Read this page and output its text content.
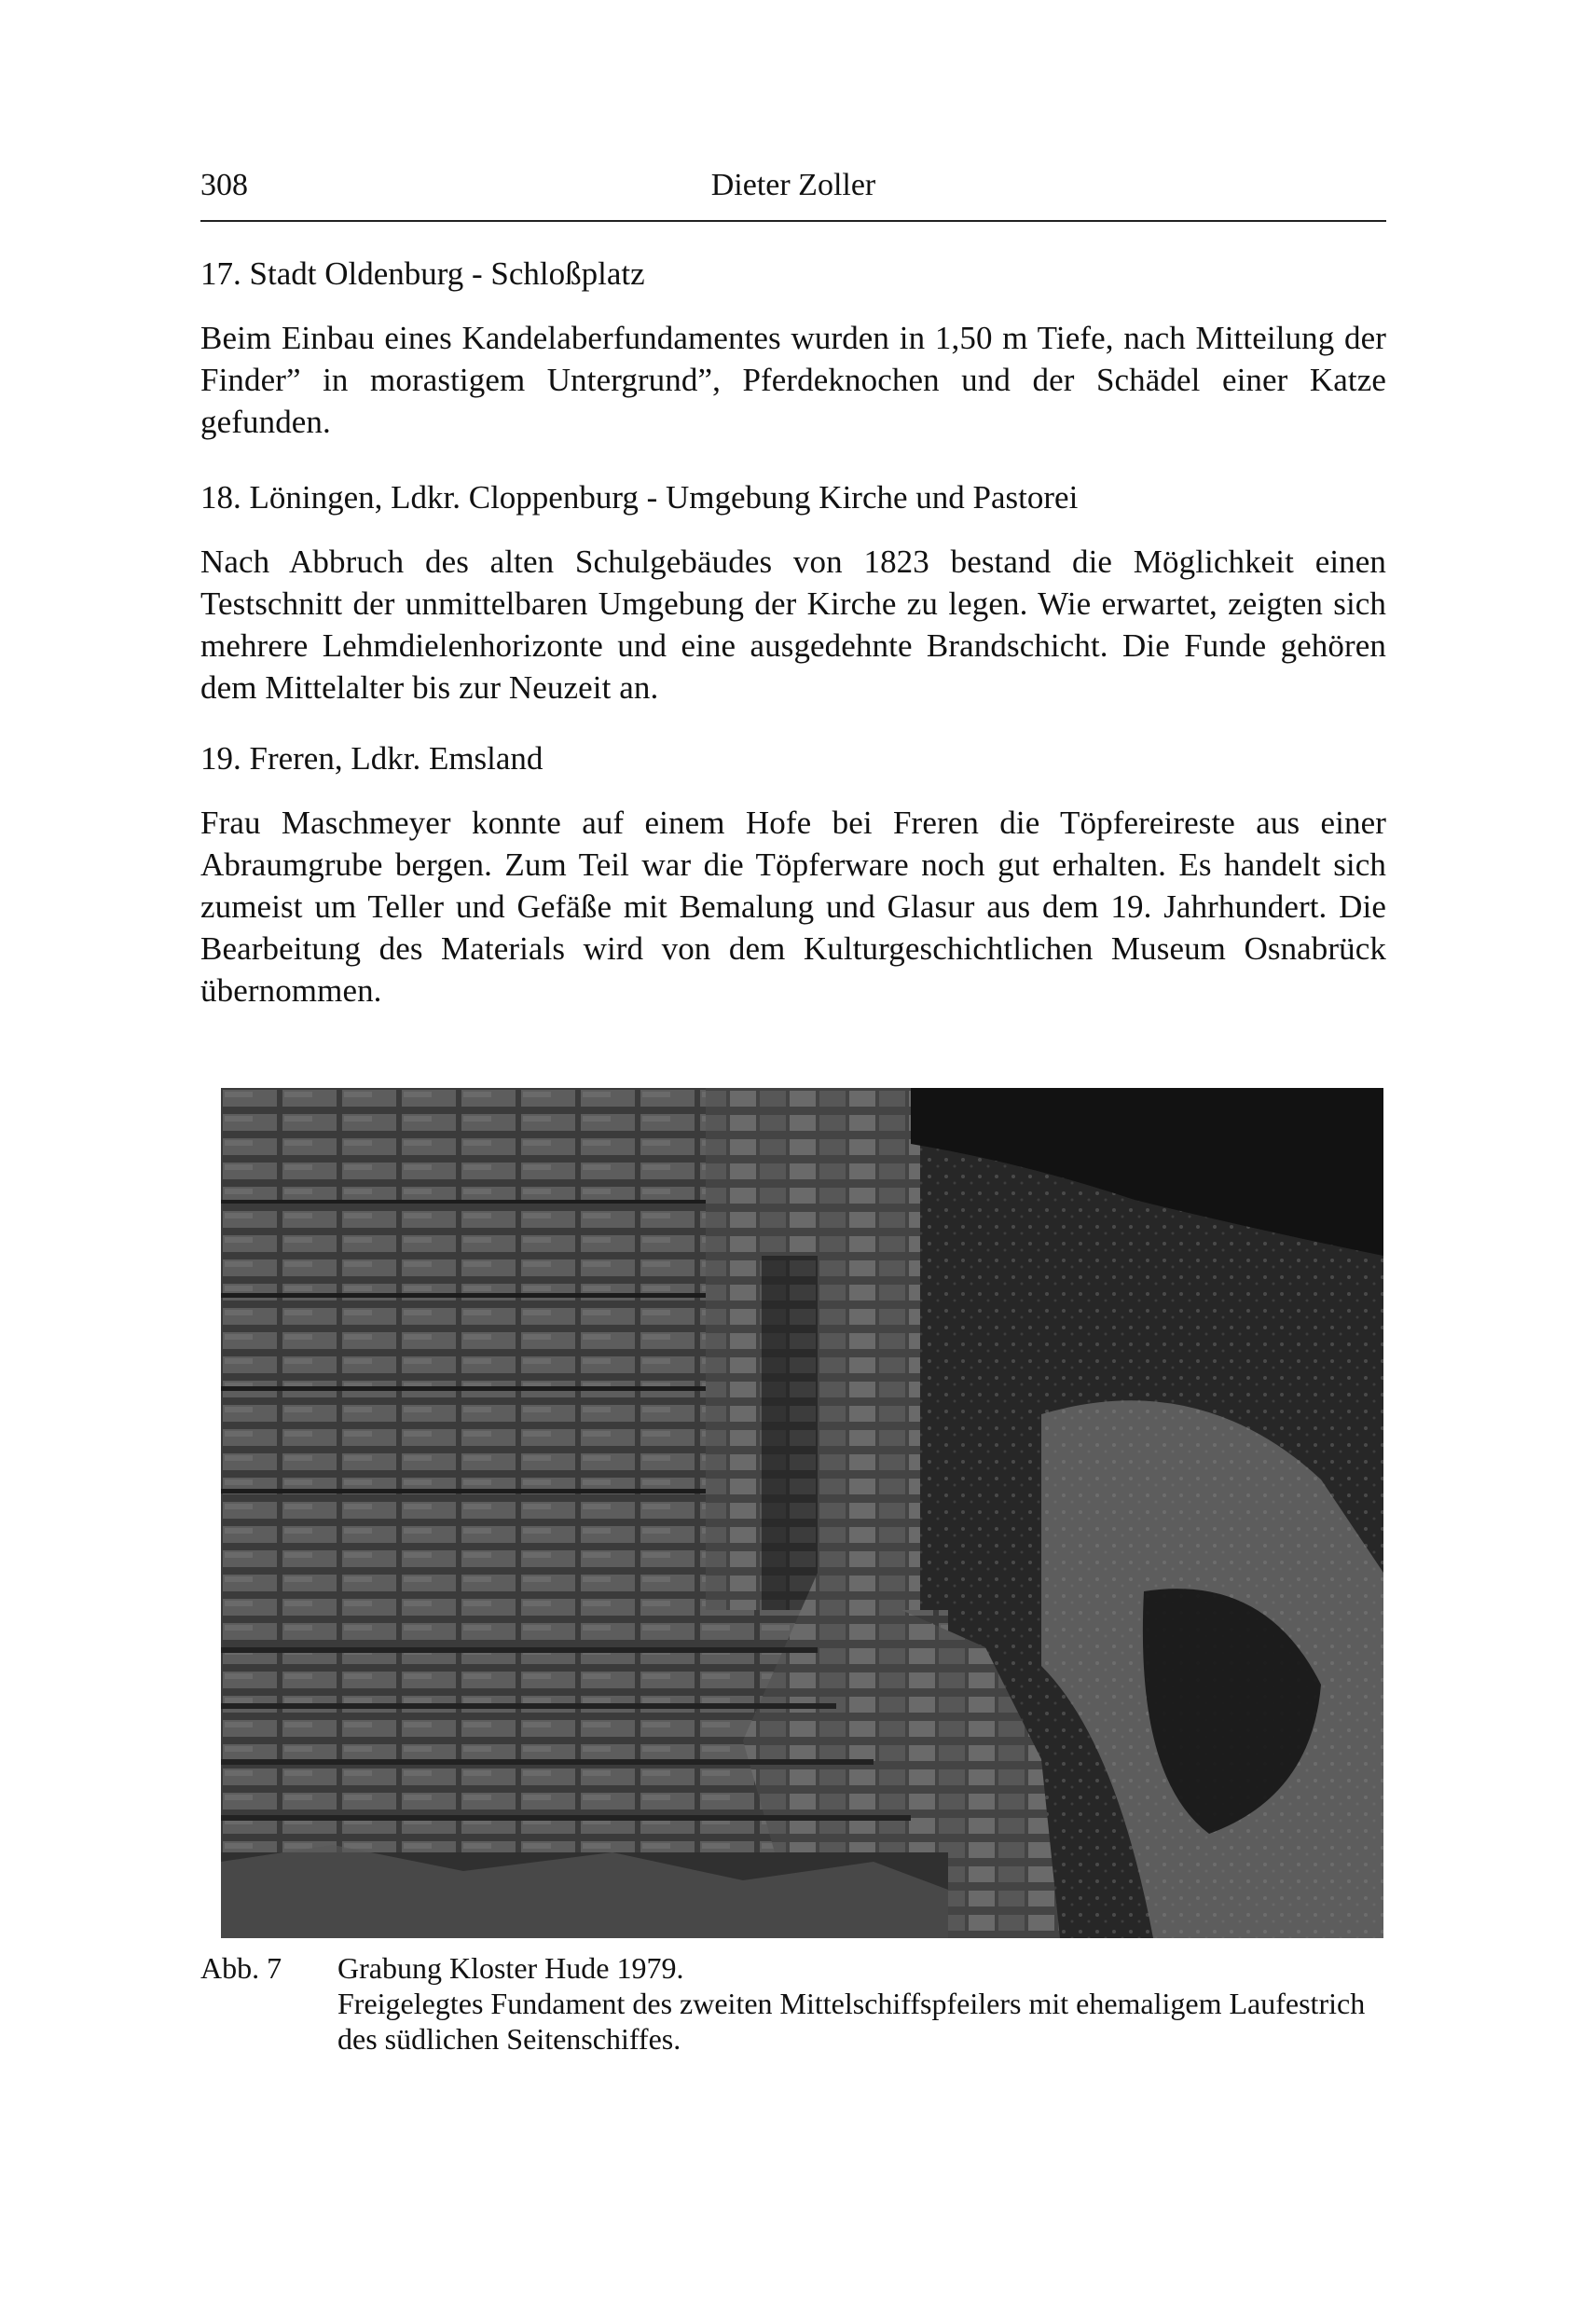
308	Dieter Zoller
17. Stadt Oldenburg - Schloßplatz

Beim Einbau eines Kandelaberfundamentes wurden in 1,50 m Tiefe, nach Mitteilung der Finder” in morastigem Untergrund”, Pferdeknochen und der Schädel einer Katze gefunden.

18. Löningen, Ldkr. Cloppenburg - Umgebung Kirche und Pastorei

Nach Abbruch des alten Schulgebäudes von 1823 bestand die Möglichkeit einen Testschnitt der unmittelbaren Umgebung der Kirche zu legen. Wie erwartet, zeigten sich mehrere Lehmdielenhorizonte und eine ausgedehnte Brandschicht. Die Funde gehören dem Mittelalter bis zur Neuzeit an.

19. Freren, Ldkr. Emsland

Frau Maschmeyer konnte auf einem Hofe bei Freren die Töpfereireste aus einer Abraumgrube bergen. Zum Teil war die Töpferware noch gut erhalten. Es handelt sich zumeist um Teller und Gefäße mit Bemalung und Glasur aus dem 19. Jahrhundert. Die Bearbeitung des Materials wird von dem Kulturgeschichtlichen Museum Osnabrück übernommen.

Abb. 7	Grabung Kloster Hude 1979.
Freigelegtes Fundament des zweiten Mittelschiffspfeilers mit ehemaligem Laufestrich des südlichen Seitenschiffes.
